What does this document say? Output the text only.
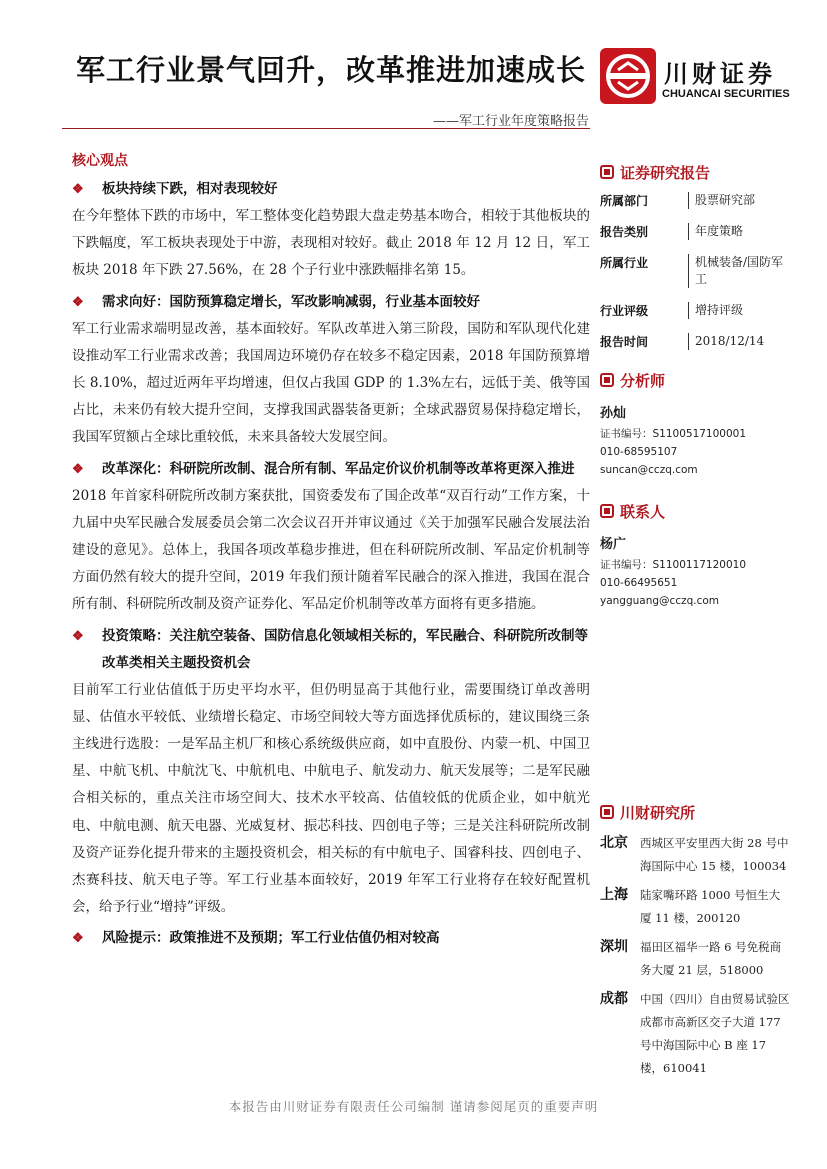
军工行业景气回升，改革推进加速成长
——军工行业年度策略报告
川财证券
CHUANCAI SECURITIES
核心观点
❖	板块持续下跌，相对表现较好

在今年整体下跌的市场中，军工整体变化趋势跟大盘走势基本吻合，相较于其他板块的下跌幅度，军工板块表现处于中游，表现相对较好。截止 2018 年 12 月 12 日，军工板块 2018 年下跌 27.56%，在 28 个子行业中涨跌幅排名第 15。

❖	需求向好：国防预算稳定增长，军改影响减弱，行业基本面较好

军工行业需求端明显改善，基本面较好。军队改革进入第三阶段，国防和军队现代化建设推动军工行业需求改善；我国周边环境仍存在较多不稳定因素，2018 年国防预算增长 8.10%，超过近两年平均增速，但仅占我国 GDP 的 1.3%左右，远低于美、俄等国占比，未来仍有较大提升空间，支撑我国武器装备更新；全球武器贸易保持稳定增长，我国军贸额占全球比重较低，未来具备较大发展空间。

❖	改革深化：科研院所改制、混合所有制、军品定价议价机制等改革将更深入推进

2018 年首家科研院所改制方案获批，国资委发布了国企改革“双百行动”工作方案，十九届中央军民融合发展委员会第二次会议召开并审议通过《关于加强军民融合发展法治建设的意见》。总体上，我国各项改革稳步推进，但在科研院所改制、军品定价机制等方面仍然有较大的提升空间，2019 年我们预计随着军民融合的深入推进，我国在混合所有制、科研院所改制及资产证券化、军品定价机制等改革方面将有更多措施。

❖	投资策略：关注航空装备、国防信息化领域相关标的，军民融合、科研院所改制等改革类相关主题投资机会

目前军工行业估值低于历史平均水平，但仍明显高于其他行业，需要围绕订单改善明显、估值水平较低、业绩增长稳定、市场空间较大等方面选择优质标的，建议围绕三条主线进行选股：一是军品主机厂和核心系统级供应商，如中直股份、内蒙一机、中国卫星、中航飞机、中航沈飞、中航机电、中航电子、航发动力、航天发展等；二是军民融合相关标的，重点关注市场空间大、技术水平较高、估值较低的优质企业，如中航光电、中航电测、航天电器、光威复材、振芯科技、四创电子等；三是关注科研院所改制及资产证券化提升带来的主题投资机会，相关标的有中航电子、国睿科技、四创电子、杰赛科技、航天电子等。军工行业基本面较好，2019 年军工行业将存在较好配置机会，给予行业“增持”评级。

❖	风险提示：政策推进不及预期；军工行业估值仍相对较高
证券研究报告
所属部门	股票研究部
报告类别	年度策略
所属行业	机械装备/国防军工
行业评级	增持评级
报告时间	2018/12/14
分析师
孙灿
证书编号：S1100517100001
010-68595107
suncan@cczq.com
联系人
杨广
证书编号：S1100117120010
010-66495651
yangguang@cczq.com
川财研究所
北京	西城区平安里西大街 28 号中海国际中心 15 楼，100034
上海	陆家嘴环路 1000 号恒生大厦 11 楼，200120
深圳	福田区福华一路 6 号免税商务大厦 21 层，518000
成都	中国（四川）自由贸易试验区成都市高新区交子大道 177 号中海国际中心 B 座 17 楼，610041
本报告由川财证券有限责任公司编制 谨请参阅尾页的重要声明
